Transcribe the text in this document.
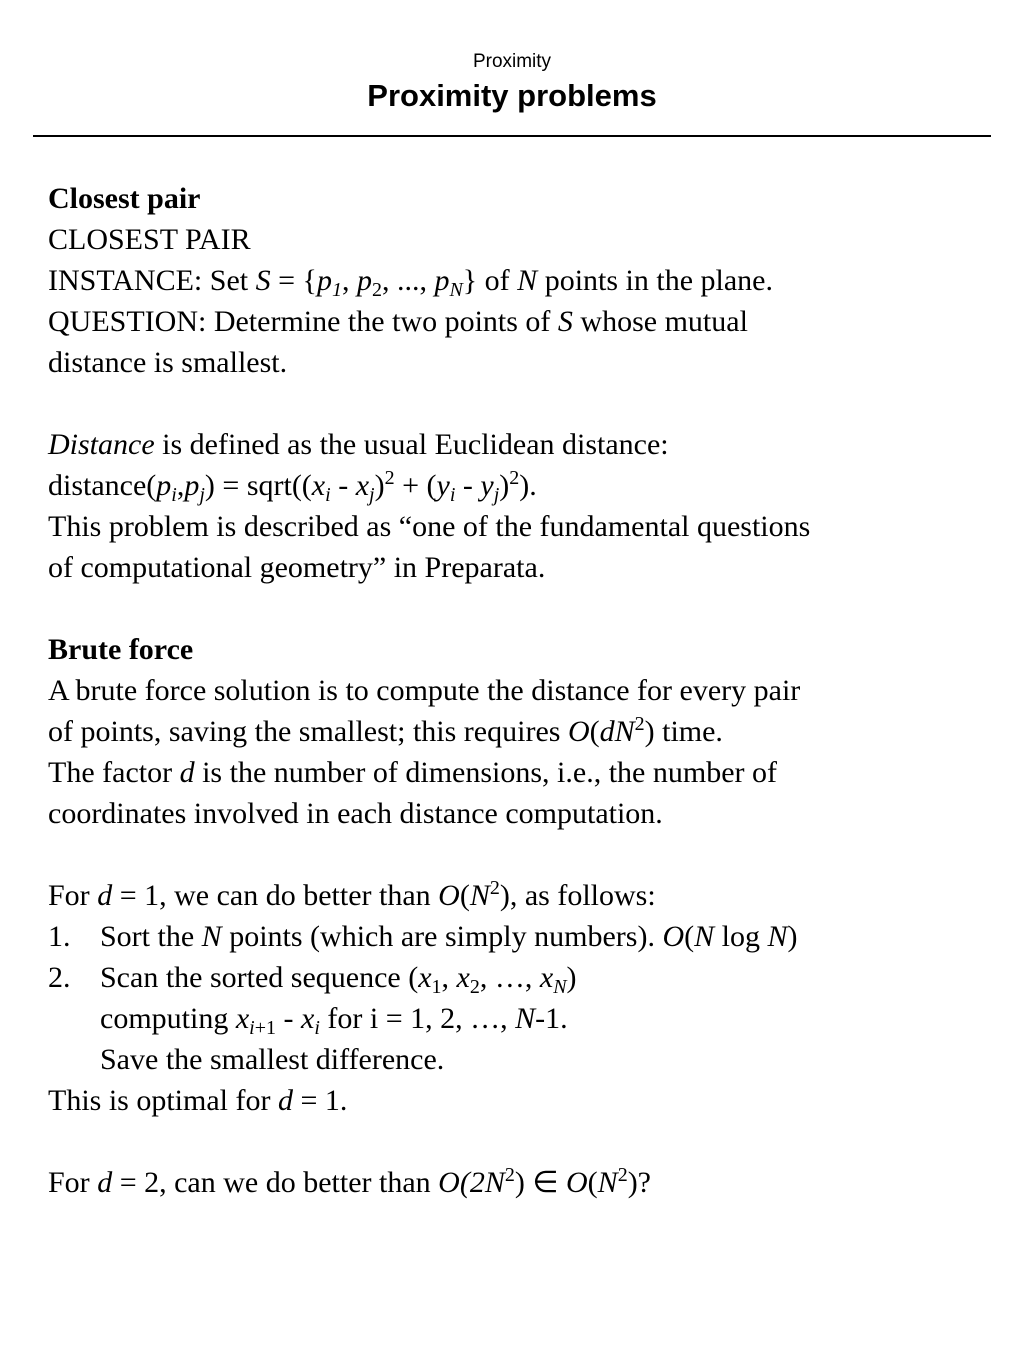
Proximity
Proximity problems
Closest pair
CLOSEST PAIR
INSTANCE: Set $S = \{p_1$, $p_2$, ..., $p_N$} of N points in the plane.
QUESTION: Determine the two points of S whose mutual
distance is smallest.
Distance is defined as the usual Euclidean distance:
$distance(p_i,p_j)$ = $sqrt((x_i - x_j)^2 + (y_i - y_j)^2)$.
This problem is described as “one of the fundamental questions
of computational geometry” in Preparata.
Brute force
A brute force solution is to compute the distance for every pair
of points, saving the smallest; this requires $O(dN^2)$ time.
The factor d is the number of dimensions, i.e., the number of
coordinates involved in each distance computation.
For d = 1, we can do better than $O(N^2)$, as follows:
1. Sort the N points (which are simply numbers). O(N log N)
2. Scan the sorted sequence ($x_1$, $x_2$, …, $x_N$)
computing $x_{i+1} - x_i$ for i = 1, 2, …, N-1.
Save the smallest difference.
This is optimal for d = 1.
For d = 2, can we do better than $O(2N^2)$ ∈ $O(N^2)$?
